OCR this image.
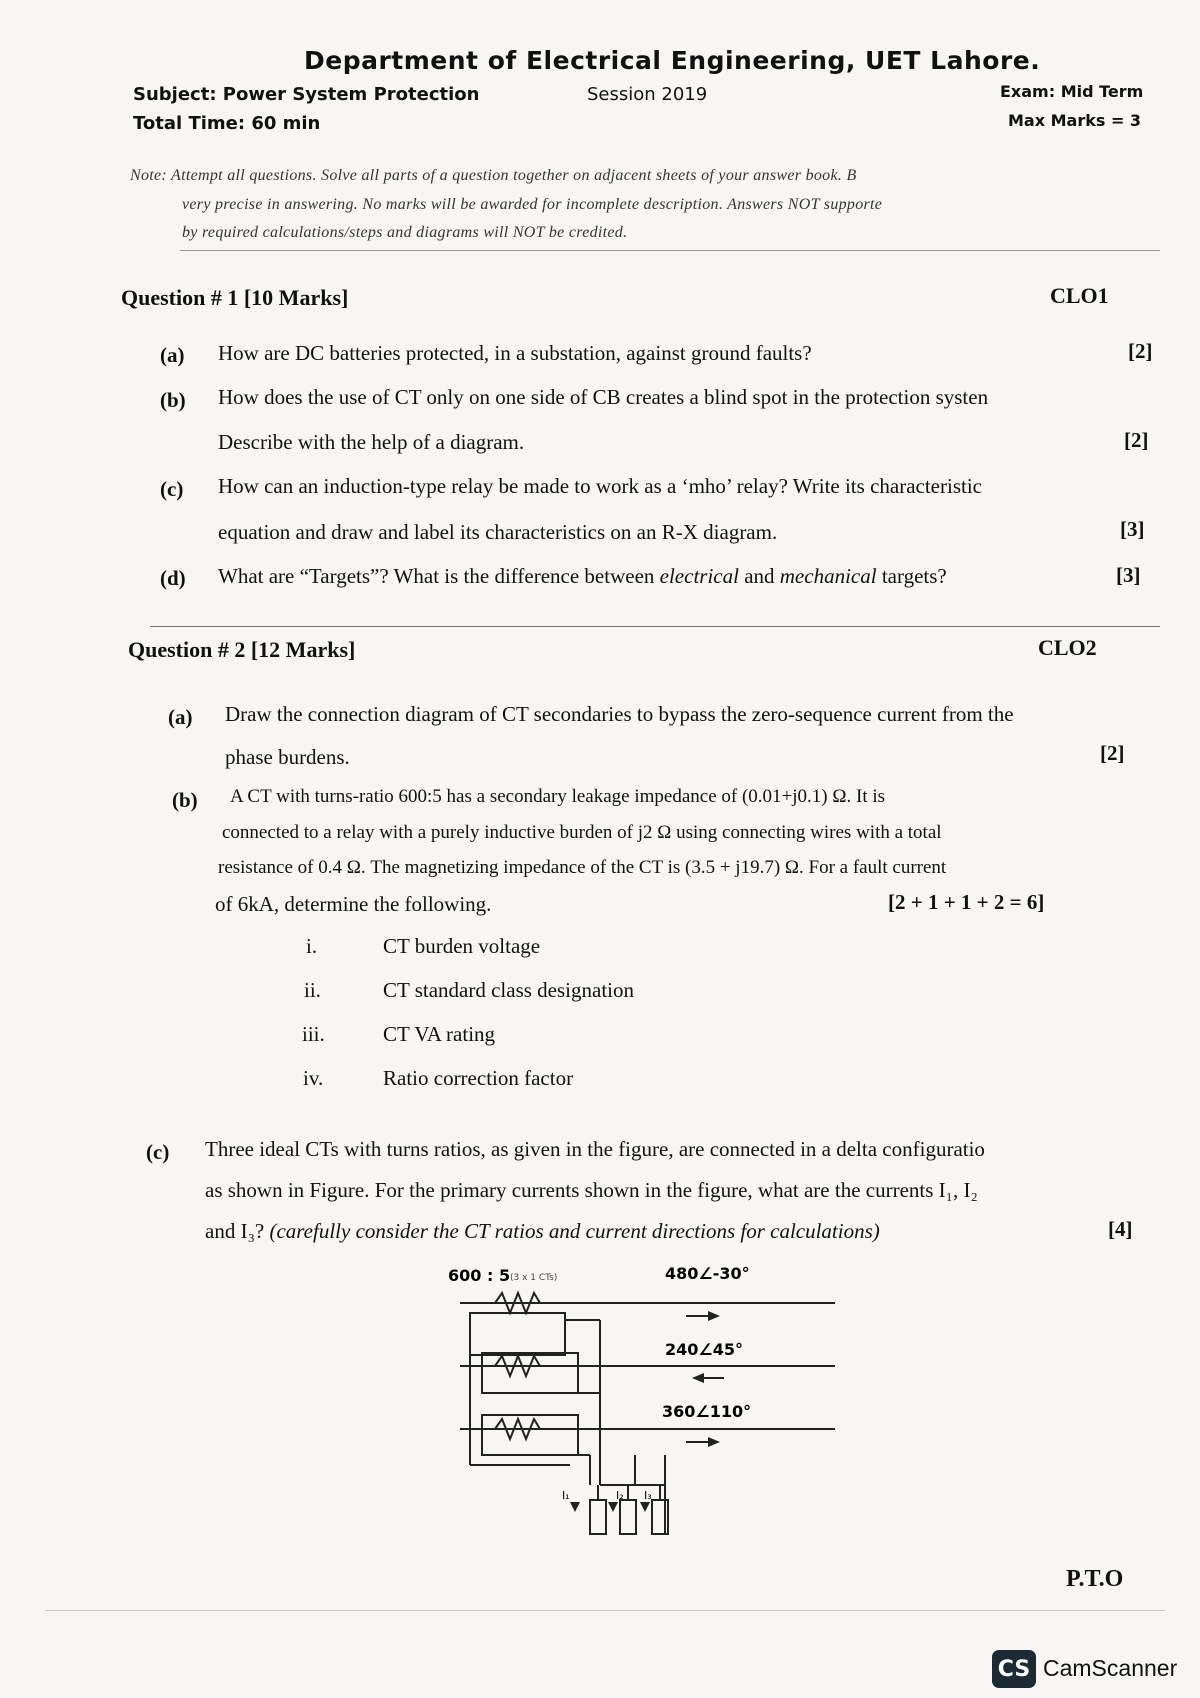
Department of Electrical Engineering, UET Lahore.
Subject: Power System Protection	Session 2019	Exam: Mid Term
Total Time: 60 min	Max Marks = 3
Note: Attempt all questions. Solve all parts of a question together on adjacent sheets of your answer book. B
very precise in answering. No marks will be awarded for incomplete description. Answers NOT supporte
by required calculations/steps and diagrams will NOT be credited.
Question # 1 [10 Marks]	CLO1
(a) How are DC batteries protected, in a substation, against ground faults?	[2]
(b) How does the use of CT only on one side of CB creates a blind spot in the protection systen
Describe with the help of a diagram.	[2]
(c) How can an induction-type relay be made to work as a ‘mho’ relay? Write its characteristic
equation and draw and label its characteristics on an R-X diagram.	[3]
(d) What are “Targets”? What is the difference between electrical and mechanical targets?	[3]
Question # 2 [12 Marks]	CLO2
(a) Draw the connection diagram of CT secondaries to bypass the zero-sequence current from the
phase burdens.	[2]
(b) A CT with turns-ratio 600:5 has a secondary leakage impedance of (0.01+j0.1) Ω. It is
connected to a relay with a purely inductive burden of j2 Ω using connecting wires with a total
resistance of 0.4 Ω. The magnetizing impedance of the CT is (3.5 + j19.7) Ω. For a fault current
of 6kA, determine the following.	[2 + 1 + 1 + 2 = 6]
i.	CT burden voltage
ii.	CT standard class designation
iii.	CT VA rating
iv.	Ratio correction factor
(c) Three ideal CTs with turns ratios, as given in the figure, are connected in a delta configuratio
as shown in Figure. For the primary currents shown in the figure, what are the currents I₁, I₂
and I₃? (carefully consider the CT ratios and current directions for calculations)	[4]
600 : 5 (3 x 1 CTs)	480∠-30°
240∠45°
360∠110°
I₁	I₂ I₃
P.T.O
CS CamScanner
